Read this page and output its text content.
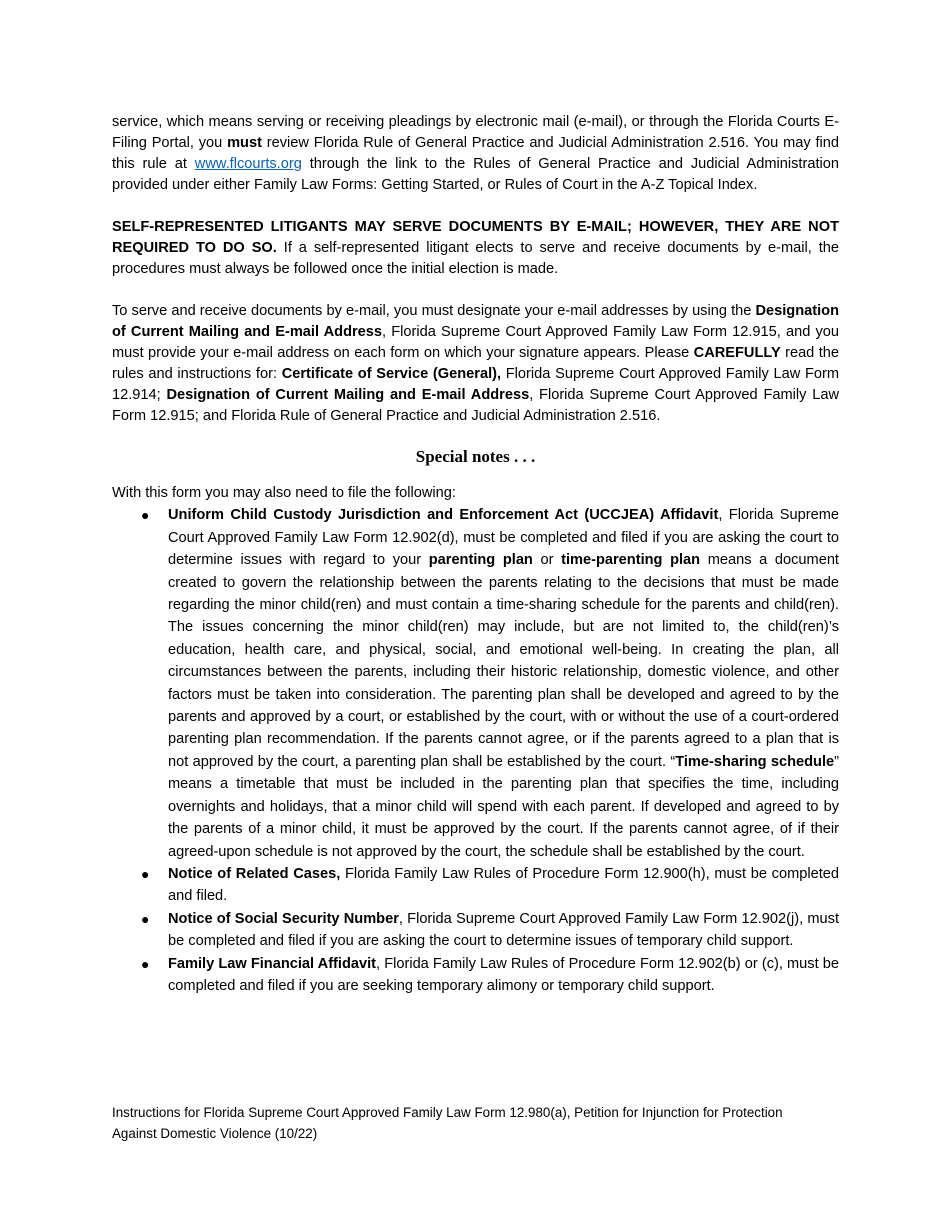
service, which means serving or receiving pleadings by electronic mail (e-mail), or through the Florida Courts E-Filing Portal, you must review Florida Rule of General Practice and Judicial Administration 2.516. You may find this rule at www.flcourts.org through the link to the Rules of General Practice and Judicial Administration provided under either Family Law Forms: Getting Started, or Rules of Court in the A-Z Topical Index.

SELF-REPRESENTED LITIGANTS MAY SERVE DOCUMENTS BY E-MAIL; HOWEVER, THEY ARE NOT REQUIRED TO DO SO. If a self-represented litigant elects to serve and receive documents by e-mail, the procedures must always be followed once the initial election is made.

To serve and receive documents by e-mail, you must designate your e-mail addresses by using the Designation of Current Mailing and E-mail Address, Florida Supreme Court Approved Family Law Form 12.915, and you must provide your e-mail address on each form on which your signature appears. Please CAREFULLY read the rules and instructions for: Certificate of Service (General), Florida Supreme Court Approved Family Law Form 12.914; Designation of Current Mailing and E-mail Address, Florida Supreme Court Approved Family Law Form 12.915; and Florida Rule of General Practice and Judicial Administration 2.516.

Special notes . . .

With this form you may also need to file the following:

● Uniform Child Custody Jurisdiction and Enforcement Act (UCCJEA) Affidavit, Florida Supreme Court Approved Family Law Form 12.902(d), must be completed and filed if you are asking the court to determine issues with regard to your parenting plan or time-parenting plan means a document created to govern the relationship between the parents relating to the decisions that must be made regarding the minor child(ren) and must contain a time-sharing schedule for the parents and child(ren). The issues concerning the minor child(ren) may include, but are not limited to, the child(ren)’s education, health care, and physical, social, and emotional well-being. In creating the plan, all circumstances between the parents, including their historic relationship, domestic violence, and other factors must be taken into consideration. The parenting plan shall be developed and agreed to by the parents and approved by a court, or established by the court, with or without the use of a court-ordered parenting plan recommendation. If the parents cannot agree, or if the parents agreed to a plan that is not approved by the court, a parenting plan shall be established by the court. “Time-sharing schedule” means a timetable that must be included in the parenting plan that specifies the time, including overnights and holidays, that a minor child will spend with each parent. If developed and agreed to by the parents of a minor child, it must be approved by the court. If the parents cannot agree, of if their agreed-upon schedule is not approved by the court, the schedule shall be established by the court.
● Notice of Related Cases, Florida Family Law Rules of Procedure Form 12.900(h), must be completed and filed.
● Notice of Social Security Number, Florida Supreme Court Approved Family Law Form 12.902(j), must be completed and filed if you are asking the court to determine issues of temporary child support.
● Family Law Financial Affidavit, Florida Family Law Rules of Procedure Form 12.902(b) or (c), must be completed and filed if you are seeking temporary alimony or temporary child support.
Instructions for Florida Supreme Court Approved Family Law Form 12.980(a), Petition for Injunction for Protection
Against Domestic Violence (10/22)
